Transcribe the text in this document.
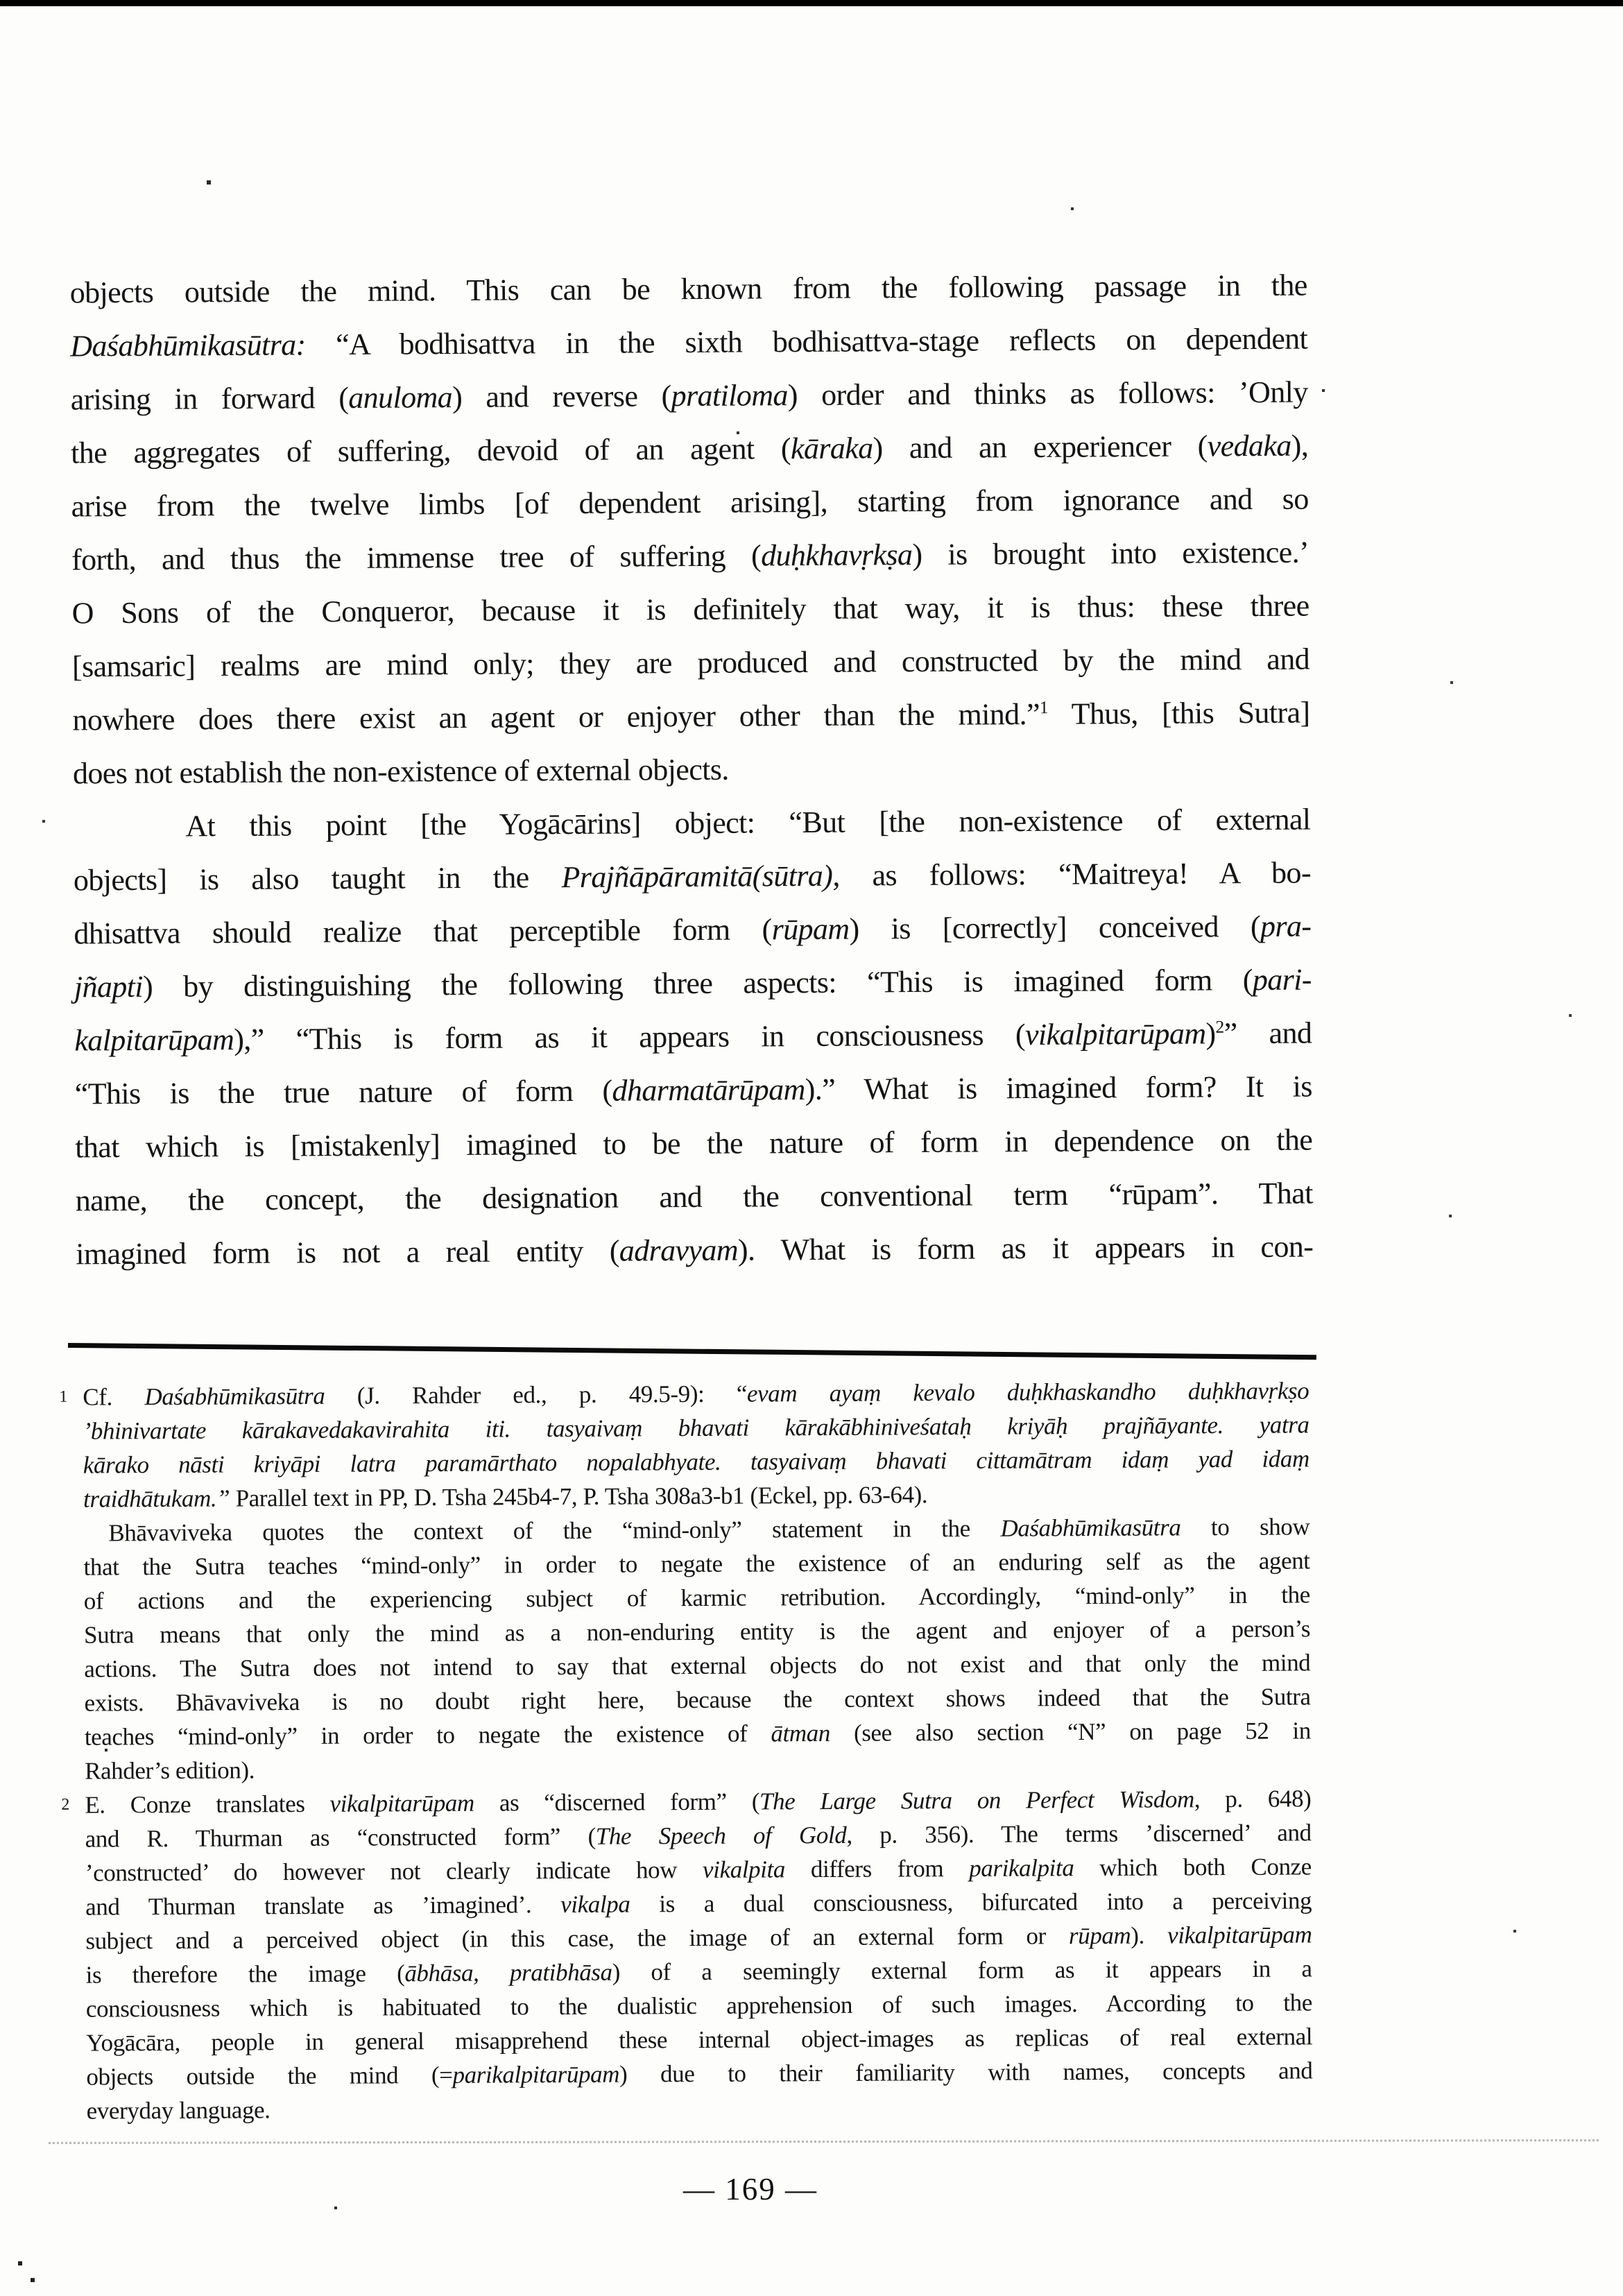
objects outside the mind. This can be known from the following passage in the
Daśabhūmikasūtra: “A bodhisattva in the sixth bodhisattva-stage reflects on dependent
arising in forward (anuloma) and reverse (pratiloma) order and thinks as follows: ’Only
the aggregates of suffering, devoid of an agent (kāraka) and an experiencer (vedaka),
arise from the twelve limbs [of dependent arising], starting from ignorance and so
forth, and thus the immense tree of suffering (duḥkhavṛkṣa) is brought into existence.’
O Sons of the Conqueror, because it is definitely that way, it is thus: these three
[samsaric] realms are mind only; they are produced and constructed by the mind and
nowhere does there exist an agent or enjoyer other than the mind.”$^1$ Thus, [this Sutra]
does not establish the non-existence of external objects.
At this point [the Yogācārins] object: “But [the non-existence of external
objects] is also taught in the Prajñāpāramitā(sūtra), as follows: “Maitreya! A bo-
dhisattva should realize that perceptible form (rūpam) is [correctly] conceived (pra-
jñapti) by distinguishing the following three aspects: “This is imagined form (pari-
kalpitarūpam),” “This is form as it appears in consciousness (vikalpitarūpam)$^2$” and
“This is the true nature of form (dharmatārūpam).” What is imagined form? It is
that which is [mistakenly] imagined to be the nature of form in dependence on the
name, the concept, the designation and the conventional term “rūpam”. That
imagined form is not a real entity (adravyam). What is form as it appears in con-
1 Cf. Daśabhūmikasūtra (J. Rahder ed., p. 49.5-9): “evam ayaṃ kevalo duḥkhaskandho duḥkhavṛkṣo
’bhinivartate kārakavedakavirahita iti. tasyaivaṃ bhavati kārakābhiniveśataḥ kriyāḥ prajñāyante. yatra
kārako nāsti kriyāpi latra paramārthato nopalabhyate. tasyaivaṃ bhavati cittamātram idaṃ yad idaṃ
traidhātukam.” Parallel text in PP, D. Tsha 245b4-7, P. Tsha 308a3-b1 (Eckel, pp. 63-64).
Bhāvaviveka quotes the context of the “mind-only” statement in the Daśabhūmikasūtra to show
that the Sutra teaches “mind-only” in order to negate the existence of an enduring self as the agent
of actions and the experiencing subject of karmic retribution. Accordingly, “mind-only” in the
Sutra means that only the mind as a non-enduring entity is the agent and enjoyer of a person’s
actions. The Sutra does not intend to say that external objects do not exist and that only the mind
exists. Bhāvaviveka is no doubt right here, because the context shows indeed that the Sutra
teaches “mind-only” in order to negate the existence of ātman (see also section “N” on page 52 in
Rahder’s edition).
2 E. Conze translates vikalpitarūpam as “discerned form” (The Large Sutra on Perfect Wisdom, p. 648)
and R. Thurman as “constructed form” (The Speech of Gold, p. 356). The terms ’discerned’ and
’constructed’ do however not clearly indicate how vikalpita differs from parikalpita which both Conze
and Thurman translate as ’imagined’. vikalpa is a dual consciousness, bifurcated into a perceiving
subject and a perceived object (in this case, the image of an external form or rūpam). vikalpitarūpam
is therefore the image (ābhāsa, pratibhāsa) of a seemingly external form as it appears in a
consciousness which is habituated to the dualistic apprehension of such images. According to the
Yogācāra, people in general misapprehend these internal object-images as replicas of real external
objects outside the mind (=parikalpitarūpam) due to their familiarity with names, concepts and
everyday language.
— 169 —
